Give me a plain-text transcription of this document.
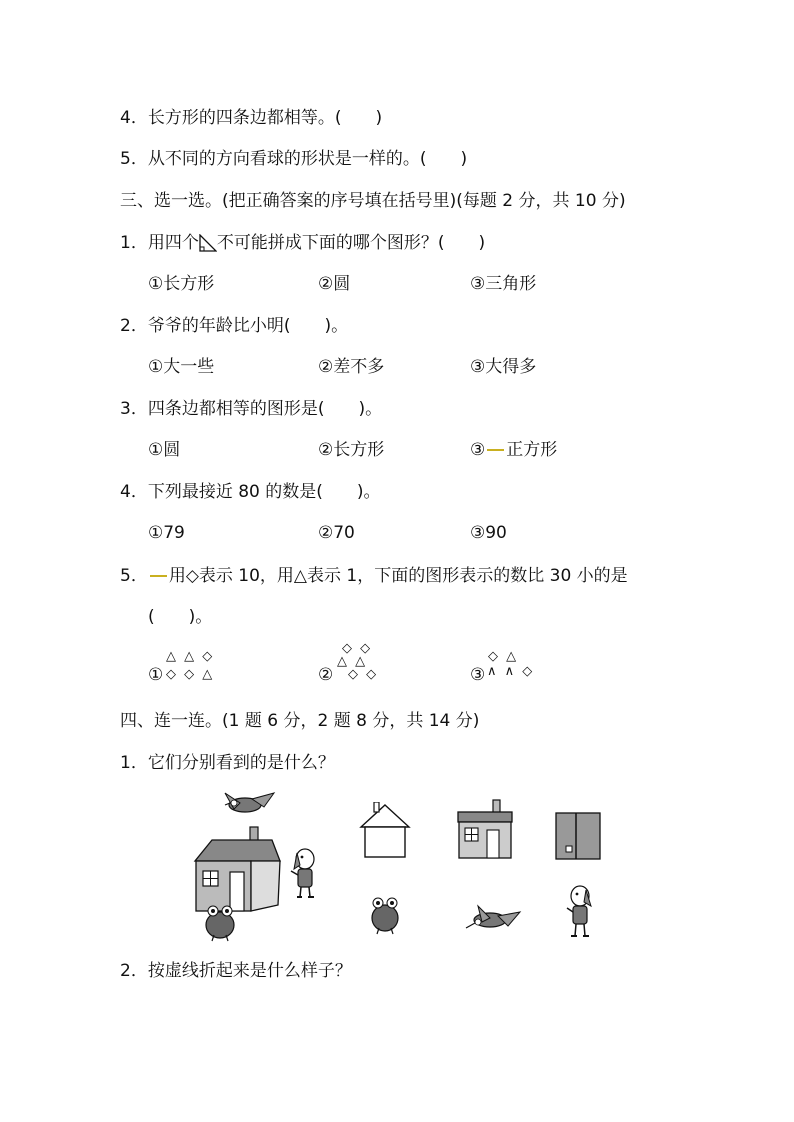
4．长方形的四条边都相等。(　　)
5．从不同的方向看球的形状是一样的。(　　)
三、选一选。(把正确答案的序号填在括号里)(每题 2 分，共 10 分)
1．用四个 不可能拼成下面的哪个图形？(　　)
①长方形	②圆	③三角形
2．爷爷的年龄比小明(　　)。
①大一些	②差不多	③大得多
3．四条边都相等的图形是(　　)。
①圆	②长方形	③ 正方形
4．下列最接近 80 的数是(　　)。
①79	②70	③90
5． 用◇表示 10，用△表示 1，下面的图形表示的数比 30 小的是
(　　)。
△ △ ◇
① ◇ ◇ △
◇ ◇
△ △
② ◇ ◇
◇ △
③ ∧ ∧ ◇
四、连一连。(1 题 6 分，2 题 8 分，共 14 分)
1．它们分别看到的是什么？
2．按虚线折起来是什么样子？
